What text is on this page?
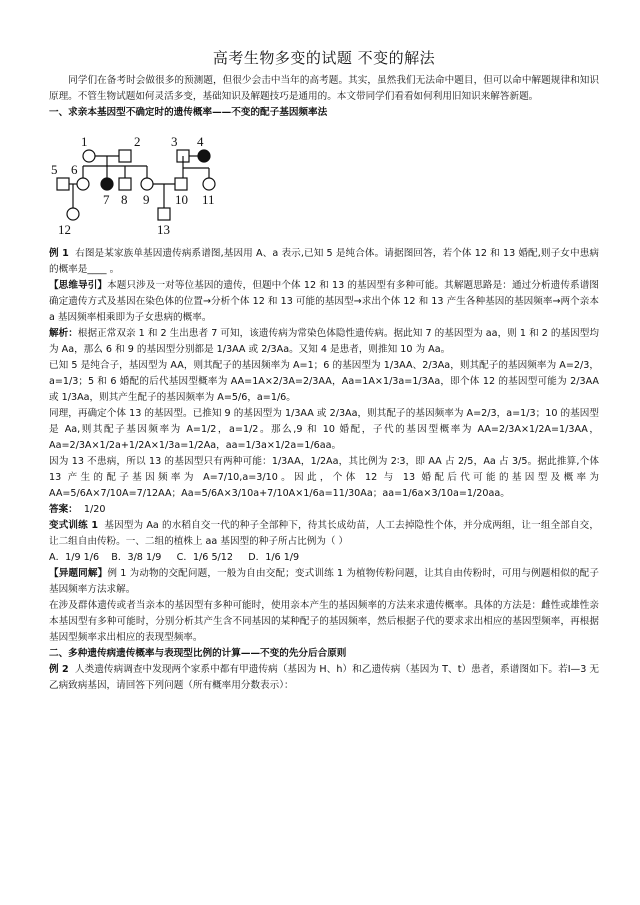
高考生物多变的试题 不变的解法

同学们在备考时会做很多的预测题，但很少会击中当年的高考题。其实，虽然我们无法命中题目，但可以命中解题规律和知识原理。不管生物试题如何灵活多变，基础知识及解题技巧是通用的。本文带同学们看看如何利用旧知识来解答新题。

一、求亲本基因型不确定时的遗传概率——不变的配子基因频率法

1	2 3 4
5 6
7 8 9 10 11
12	13

例 1 右图是某家族单基因遗传病系谱图,基因用 A、a 表示,已知 5 是纯合体。请据图回答，若个体 12 和 13 婚配,则子女中患病的概率是____ 。

【思维导引】本题只涉及一对等位基因的遗传，但题中个体 12 和 13 的基因型有多种可能。其解题思路是：通过分析遗传系谱图确定遗传方式及基因在染色体的位置→分析个体 12 和 13 可能的基因型→求出个体 12 和 13 产生各种基因的基因频率→两个亲本 a 基因频率相乘即为子女患病的概率。

解析：根据正常双亲 1 和 2 生出患者 7 可知，该遗传病为常染色体隐性遗传病。据此知 7 的基因型为 aa，则 1 和 2 的基因型均为 Aa，那么 6 和 9 的基因型分别都是 1/3AA 或 2/3Aa。又知 4 是患者，则推知 10 为 Aa。

已知 5 是纯合子，基因型为 AA，则其配子的基因频率为 A=1；6 的基因型为 1/3AA、2/3Aa，则其配子的基因频率为 A=2/3，a=1/3；5 和 6 婚配的后代基因型概率为 AA=1A×2/3A=2/3AA，Aa=1A×1/3a=1/3Aa，即个体 12 的基因型可能为 2/3AA 或 1/3Aa，则其产生配子的基因频率为 A=5/6，a=1/6。

同理，再确定个体 13 的基因型。已推知 9 的基因型为 1/3AA 或 2/3Aa，则其配子的基因频率为 A=2/3，a=1/3；10 的基因型是 Aa,则其配子基因频率为 A=1/2，a=1/2。那么,9 和 10 婚配，子代的基因型概率为 AA=2/3A×1/2A=1/3AA，Aa=2/3A×1/2a+1/2A×1/3a=1/2Aa，aa=1/3a×1/2a=1/6aa。

因为 13 不患病，所以 13 的基因型只有两种可能：1/3AA，1/2Aa，其比例为 2∶3，即 AA 占 2/5，Aa 占 3/5。据此推算,个体 13 产生的配子基因频率为 A=7/10,a=3/10。因此，个体 12 与 13 婚配后代可能的基因型及概率为 AA=5/6A×7/10A=7/12AA；Aa=5/6A×3/10a+7/10A×1/6a=11/30Aa；aa=1/6a×3/10a=1/20aa。

答案： 1/20

变式训练 1 基因型为 Aa 的水稻自交一代的种子全部种下，待其长成幼苗，人工去掉隐性个体，并分成两组，让一组全部自交，让二组自由传粉。一、二组的植株上 aa 基因型的种子所占比例为（ ）

A．1/9 1/6 B．3/8 1/9 C．1/6 5/12 D．1/6 1/9

【异题同解】例 1 为动物的交配问题，一般为自由交配；变式训练 1 为植物传粉问题，让其自由传粉时，可用与例题相似的配子基因频率方法求解。

在涉及群体遗传或者当亲本的基因型有多种可能时，使用亲本产生的基因频率的方法来求遗传概率。具体的方法是：雌性或雄性亲本基因型有多种可能时，分别分析其产生含不同基因的某种配子的基因频率，然后根据子代的要求求出相应的基因型频率，再根据基因型频率求出相应的表现型频率。

二、多种遗传病遗传概率与表现型比例的计算——不变的先分后合原则

例 2 人类遗传病调查中发现两个家系中都有甲遗传病（基因为 H、h）和乙遗传病（基因为 T、t）患者，系谱图如下。若Ⅰ—3 无乙病致病基因，请回答下列问题（所有概率用分数表示）：
